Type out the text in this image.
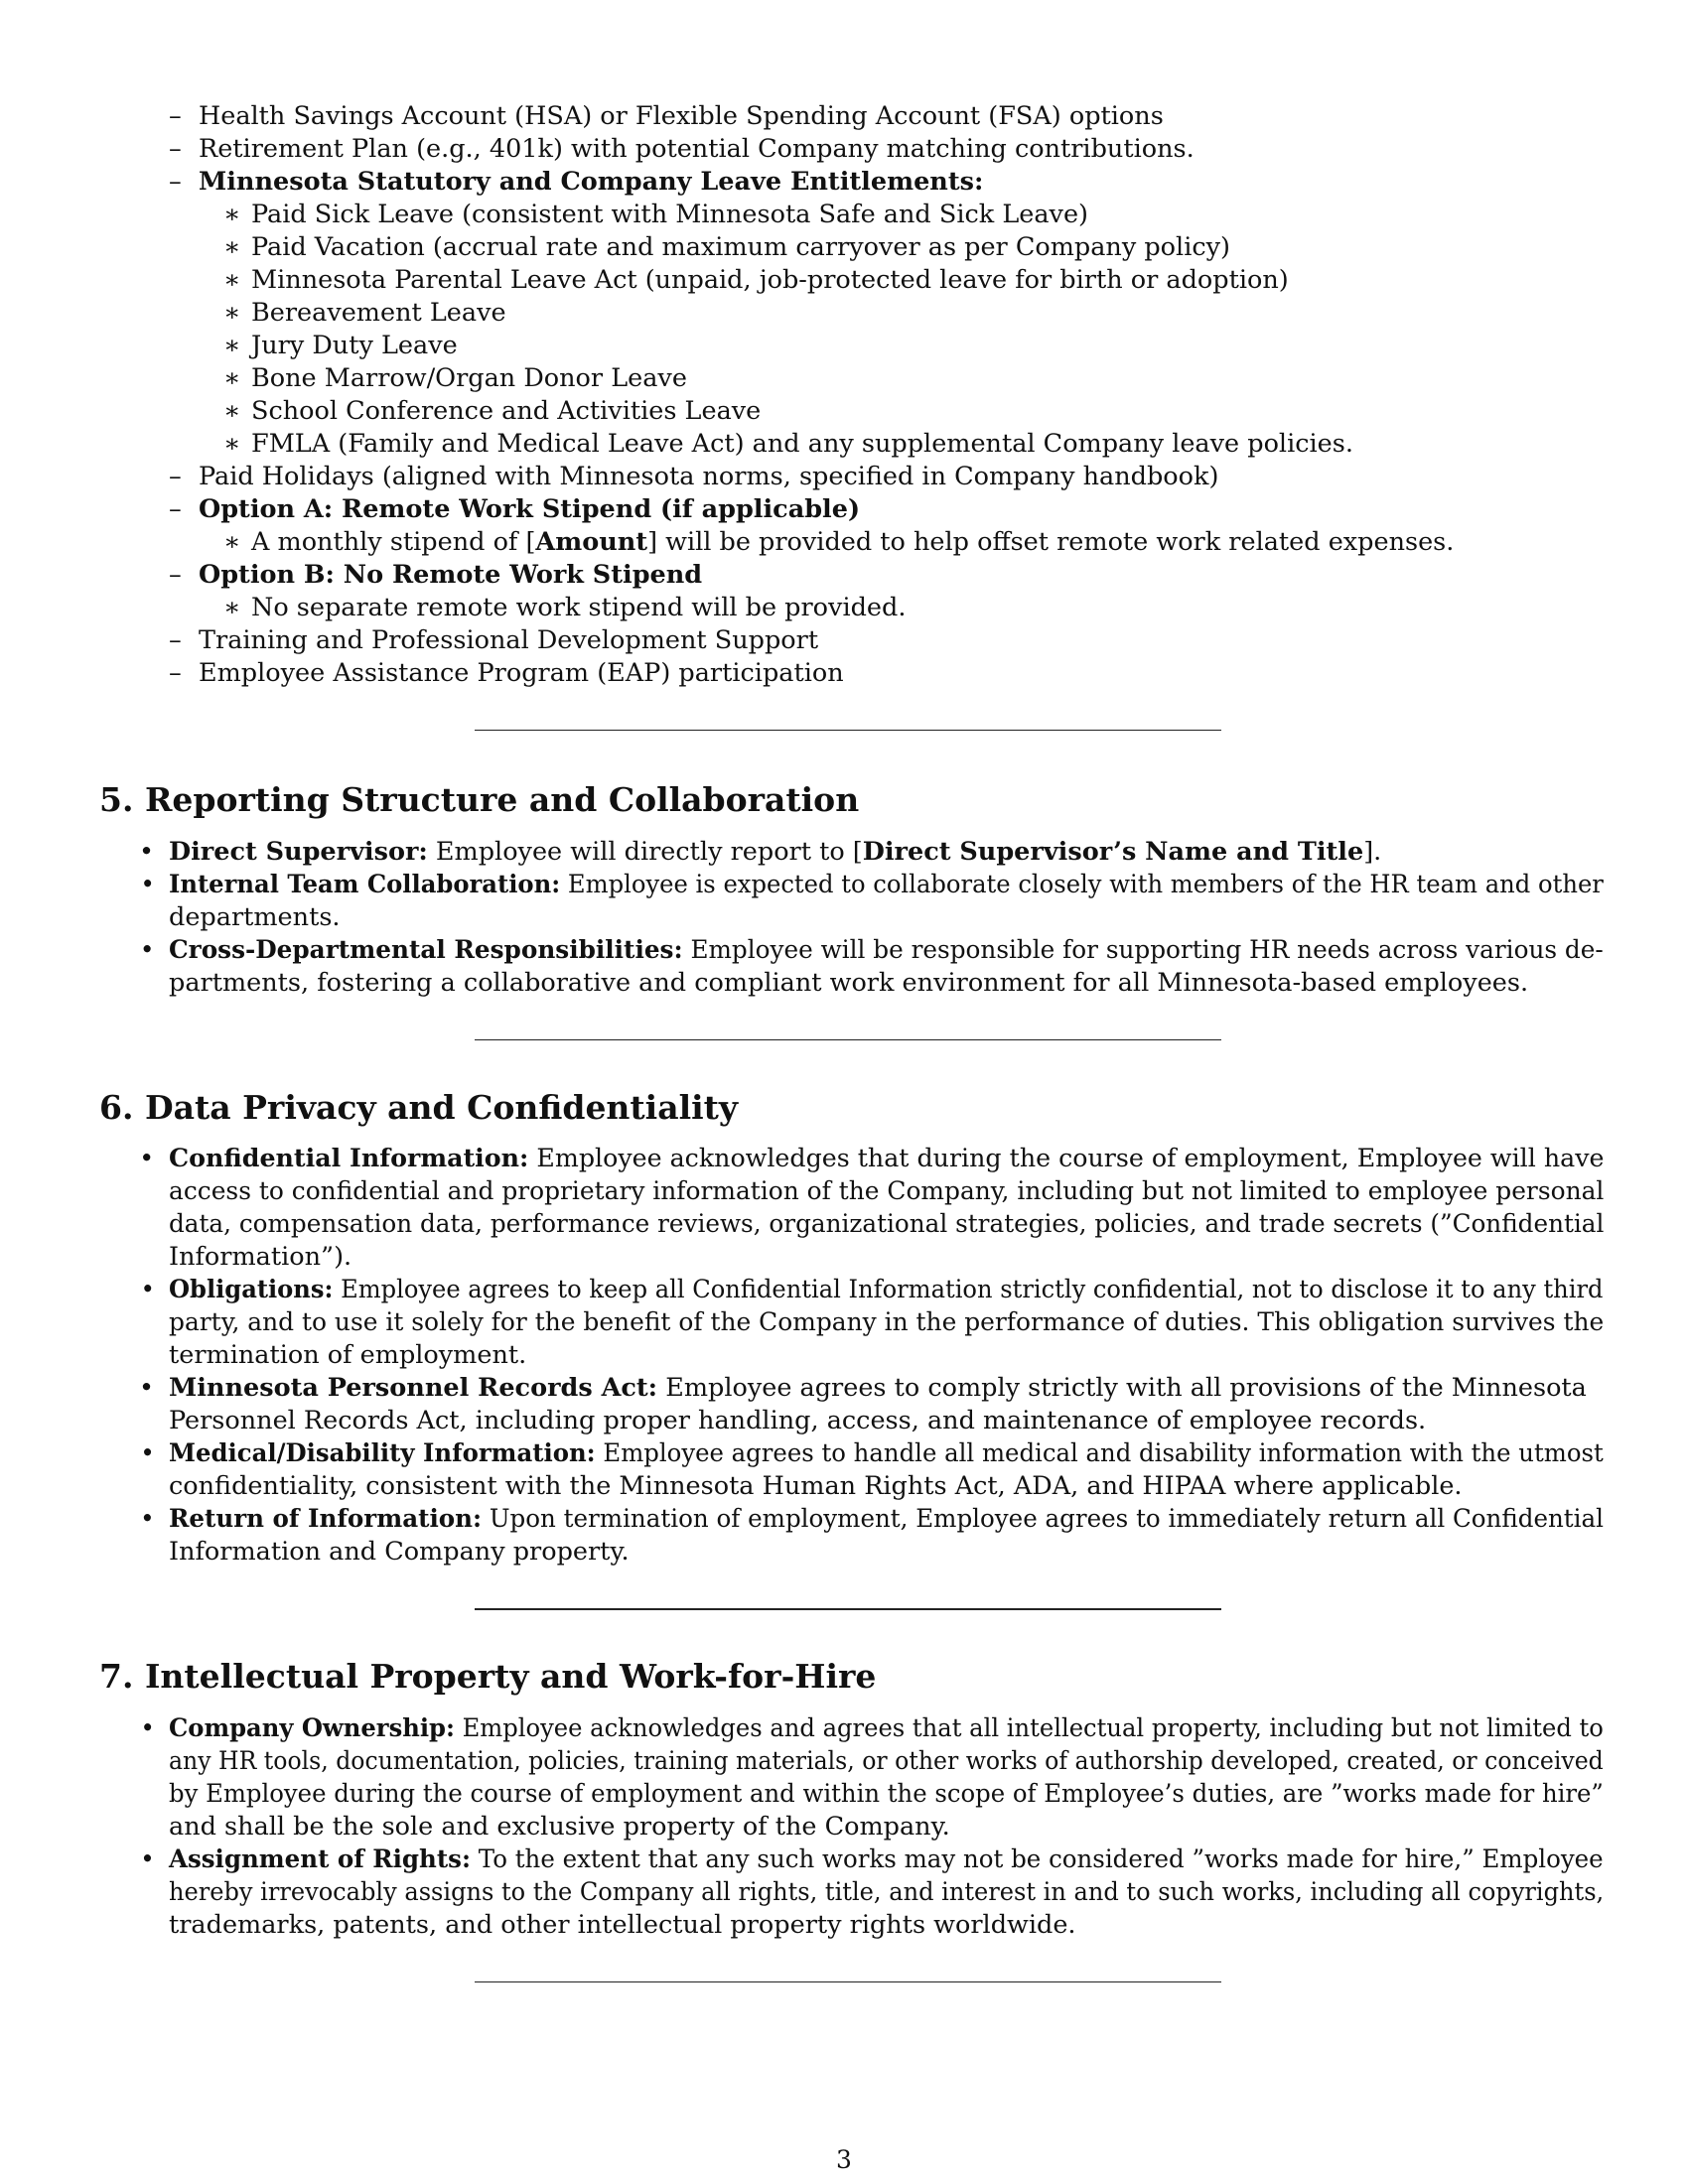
– Health Savings Account (HSA) or Flexible Spending Account (FSA) options
– Retirement Plan (e.g., 401k) with potential Company matching contributions.
– Minnesota Statutory and Company Leave Entitlements:
∗ Paid Sick Leave (consistent with Minnesota Safe and Sick Leave)
∗ Paid Vacation (accrual rate and maximum carryover as per Company policy)
∗ Minnesota Parental Leave Act (unpaid, job-protected leave for birth or adoption)
∗ Bereavement Leave
∗ Jury Duty Leave
∗ Bone Marrow/Organ Donor Leave
∗ School Conference and Activities Leave
∗ FMLA (Family and Medical Leave Act) and any supplemental Company leave policies.
– Paid Holidays (aligned with Minnesota norms, specified in Company handbook)
– Option A: Remote Work Stipend (if applicable)
∗ A monthly stipend of [Amount] will be provided to help offset remote work related expenses.
– Option B: No Remote Work Stipend
∗ No separate remote work stipend will be provided.
– Training and Professional Development Support
– Employee Assistance Program (EAP) participation
5. Reporting Structure and Collaboration
• Direct Supervisor: Employee will directly report to [Direct Supervisor’s Name and Title].
• Internal Team Collaboration: Employee is expected to collaborate closely with members of the HR team and other
departments.
• Cross-Departmental Responsibilities: Employee will be responsible for supporting HR needs across various de-
partments, fostering a collaborative and compliant work environment for all Minnesota-based employees.
6. Data Privacy and Confidentiality
• Confidential Information: Employee acknowledges that during the course of employment, Employee will have
access to confidential and proprietary information of the Company, including but not limited to employee personal
data, compensation data, performance reviews, organizational strategies, policies, and trade secrets (”Confidential
Information”).
• Obligations: Employee agrees to keep all Confidential Information strictly confidential, not to disclose it to any third
party, and to use it solely for the benefit of the Company in the performance of duties. This obligation survives the
termination of employment.
• Minnesota Personnel Records Act: Employee agrees to comply strictly with all provisions of the Minnesota
Personnel Records Act, including proper handling, access, and maintenance of employee records.
• Medical/Disability Information: Employee agrees to handle all medical and disability information with the utmost
confidentiality, consistent with the Minnesota Human Rights Act, ADA, and HIPAA where applicable.
• Return of Information: Upon termination of employment, Employee agrees to immediately return all Confidential
Information and Company property.
7. Intellectual Property and Work-for-Hire
• Company Ownership: Employee acknowledges and agrees that all intellectual property, including but not limited to
any HR tools, documentation, policies, training materials, or other works of authorship developed, created, or conceived
by Employee during the course of employment and within the scope of Employee’s duties, are ”works made for hire”
and shall be the sole and exclusive property of the Company.
• Assignment of Rights: To the extent that any such works may not be considered ”works made for hire,” Employee
hereby irrevocably assigns to the Company all rights, title, and interest in and to such works, including all copyrights,
trademarks, patents, and other intellectual property rights worldwide.
3
